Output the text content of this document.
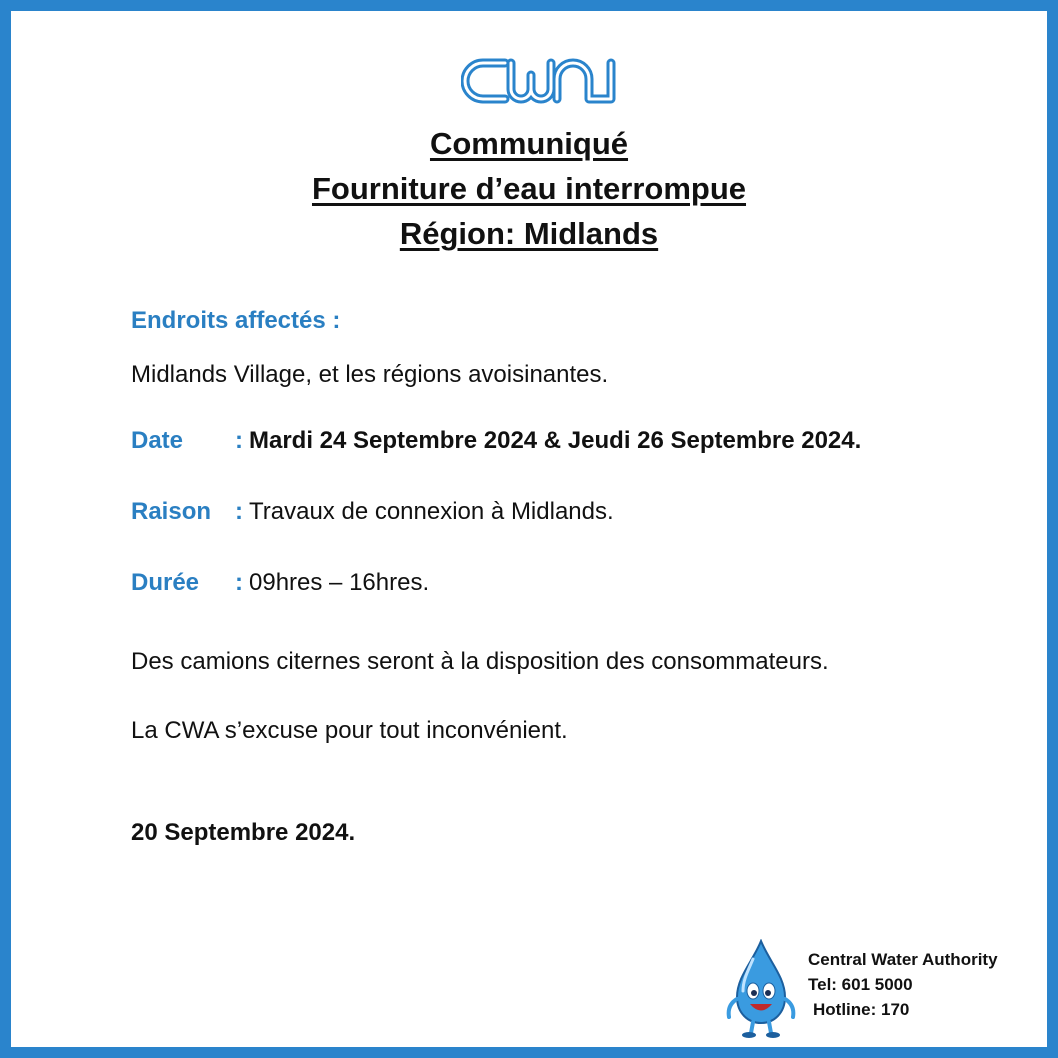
Communiqué
Fourniture d’eau interrompue
Région: Midlands
Endroits affectés :
Midlands Village, et les régions avoisinantes.
Date : Mardi 24 Septembre 2024 & Jeudi 26 Septembre 2024.
Raison : Travaux de connexion à Midlands.
Durée : 09hres – 16hres.
Des camions citernes seront à la disposition des consommateurs.
La CWA s’excuse pour tout inconvénient.
20 Septembre 2024.
Central Water Authority
Tel: 601 5000
Hotline: 170
